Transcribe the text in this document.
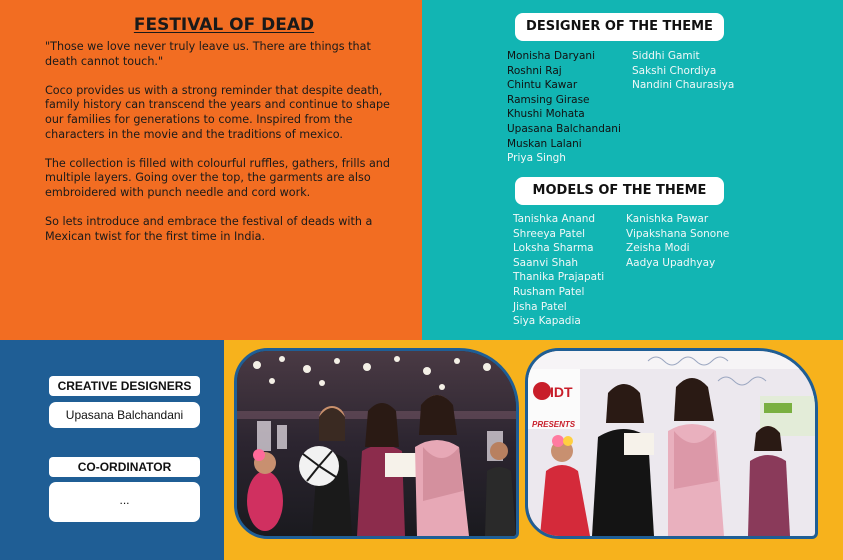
FESTIVAL OF DEAD

"Those we love never truly leave us. There are things that death cannot touch."

Coco provides us with a strong reminder that despite death, family history can transcend the years and continue to shape our families for generations to come. Inspired from the characters in the movie and the traditions of mexico.

The collection is filled with colourful ruffles, gathers, frills and multiple layers. Going over the top, the garments are also embroidered with punch needle and cord work.

So lets introduce and embrace the festival of deads with a Mexican twist for the first time in India.

DESIGNER OF THE THEME
Monisha Daryani
Roshni Raj
Chintu Kawar
Ramsing Girase
Khushi Mohata
Upasana Balchandani
Muskan Lalani
Priya Singh
Siddhi Gamit
Sakshi Chordiya
Nandini Chaurasiya
MODELS OF THE THEME
Tanishka Anand
Shreeya Patel
Loksha Sharma
Saanvi Shah
Thanika Prajapati
Rusham Patel
Jisha Patel
Siya Kapadia
Kanishka Pawar
Vipakshana Sonone
Zeisha Modi
Aadya Upadhyay
CREATIVE DESIGNERS
Upasana Balchandani
CO-ORDINATOR
...
IDT
PRESENTS
